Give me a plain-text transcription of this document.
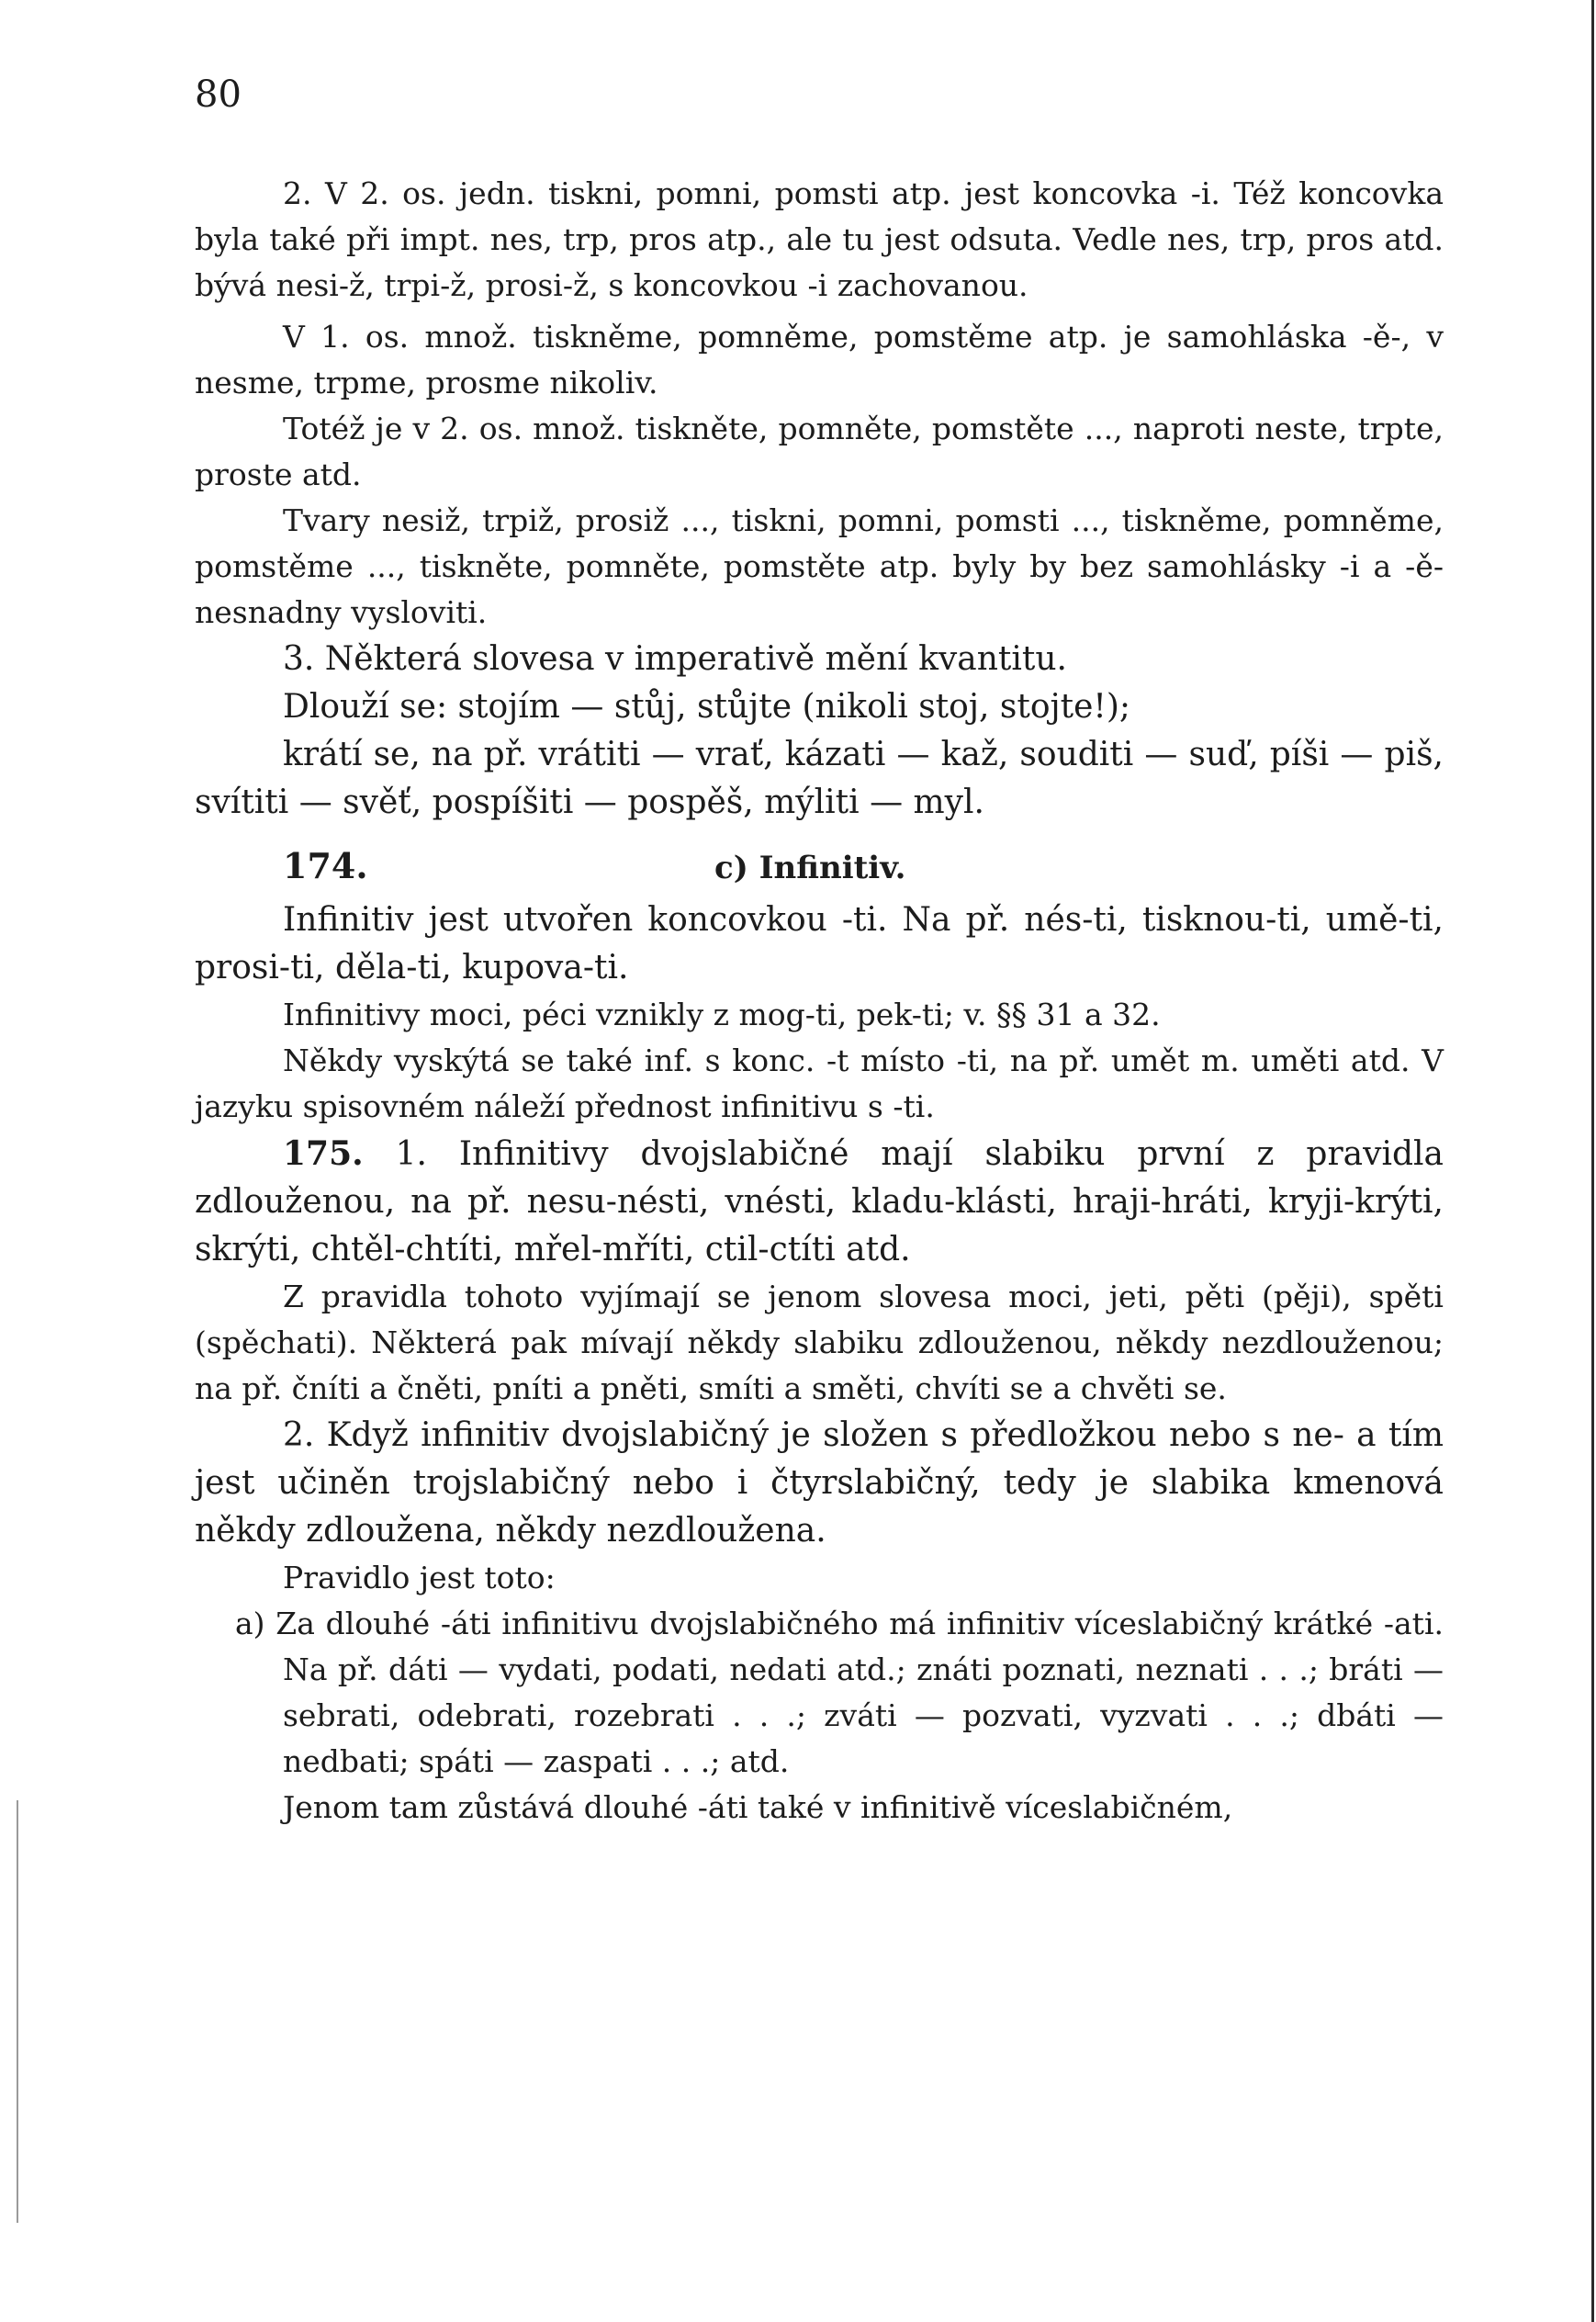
80

2. V 2. os. jedn. tiskni, pomni, pomsti atp. jest koncovka -i. Též koncovka byla také při impt. nes, trp, pros atp., ale tu jest odsuta. Vedle nes, trp, pros atd. bývá nesi-ž, trpi-ž, prosi-ž, s koncovkou -i zachovanou.

V 1. os. množ. tiskněme, pomněme, pomstěme atp. je samohláska -ě-, v nesme, trpme, prosme nikoliv.

Totéž je v 2. os. množ. tiskněte, pomněte, pomstěte ..., naproti neste, trpte, proste atd.

Tvary nesiž, trpiž, prosiž ..., tiskni, pomni, pomsti ..., tiskněme, pomněme, pomstěme ..., tiskněte, pomněte, pomstěte atp. byly by bez samohlásky -i a -ě- nesnadny vysloviti.

3. Některá slovesa v imperativě mění kvantitu.

Dlouží se: stojím — stůj, stůjte (nikoli stoj, stojte!);

krátí se, na př. vrátiti — vrať, kázati — kaž, souditi — suď, píši — piš, svítiti — svěť, pospíšiti — pospěš, mýliti — myl.

174.	c) Infinitiv.

Infinitiv jest utvořen koncovkou -ti. Na př. nés-ti, tisknou-ti, umě-ti, prosi-ti, děla-ti, kupova-ti.

Infinitivy moci, péci vznikly z mog-ti, pek-ti; v. §§ 31 a 32.

Někdy vyskýtá se také inf. s konc. -t místo -ti, na př. umět m. uměti atd. V jazyku spisovném náleží přednost infinitivu s -ti.

175. 1. Infinitivy dvojslabičné mají slabiku první z pravidla zdlouženou, na př. nesu-nésti, vnésti, kladu-klásti, hraji-hráti, kryji-krýti, skrýti, chtěl-chtíti, mřel-mříti, ctil-ctíti atd.

Z pravidla tohoto vyjímají se jenom slovesa moci, jeti, pěti (pěji), spěti (spěchati). Některá pak mívají někdy slabiku zdlouženou, někdy nezdlouženou; na př. čníti a čněti, pníti a pněti, smíti a směti, chvíti se a chvěti se.

2. Když infinitiv dvojslabičný je složen s předložkou nebo s ne- a tím jest učiněn trojslabičný nebo i čtyrslabičný, tedy je slabika kmenová někdy zdloužena, někdy nezdloužena.

Pravidlo jest toto:

a) Za dlouhé -áti infinitivu dvojslabičného má infinitiv víceslabičný krátké -ati. Na př. dáti — vydati, podati, nedati atd.; znáti poznati, neznati . . .; bráti — sebrati, odebrati, rozebrati . . .; zváti — pozvati, vyzvati . . .; dbáti — nedbati; spáti — zaspati . . .; atd.

Jenom tam zůstává dlouhé -áti také v infinitivě víceslabičném,
